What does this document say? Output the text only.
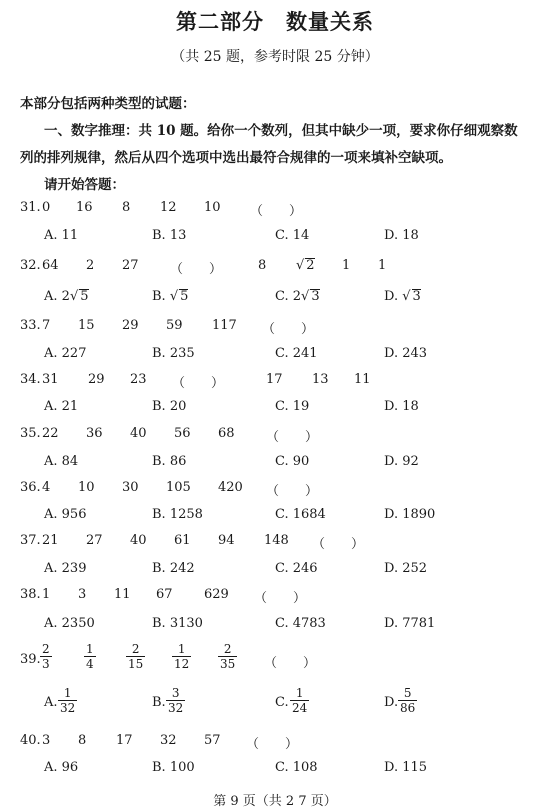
第二部分　数量关系
（共 25 题，参考时限 25 分钟）
本部分包括两种类型的试题：
一、数字推理：共 10 题。给你一个数列，但其中缺少一项，要求你仔细观察数
列的排列规律，然后从四个选项中选出最符合规律的一项来填补空缺项。
请开始答题：
31. 0 16 8 12 10 （　　）
A. 11	B. 13	C. 14	D. 18
32. 64 2 27 （　　）	8 √ 2 1 1
A. 2√ 5	B. √ 5	C. 2√ 3	D. √ 3
33. 7 15 29 59 117 （　　）
A. 227	B. 235	C. 241	D. 243
34. 31 29 23 （　　）	17 13 11
A. 21	B. 20	C. 19	D. 18
35. 22 36 40 56 68 （　　）
A. 84	B. 86	C. 90	D. 92
36. 4 10 30 105 420 （　　）
A. 956	B. 1258	C. 1684	D. 1890
37. 21 27 40 61 94 148 （　　）
A. 239	B. 242	C. 246	D. 252
38. 1 3 11 67 629 （　　）
A. 2350	B. 3130	C. 4783	D. 7781
39. $\frac{2}{3}$	$\frac{1}{4}$	$\frac{2}{15} \frac{1}{12} \frac{2}{35}$ （　　）
A. $\frac{1}{32}$	B. $\frac{3}{32}$	C. $\frac{1}{24}$	D. $\frac{5}{86}$
40. 3 8 17 32 57 （　　）
A. 96	B. 100	C. 108	D. 115
第 9 页（共 2 7 页）
